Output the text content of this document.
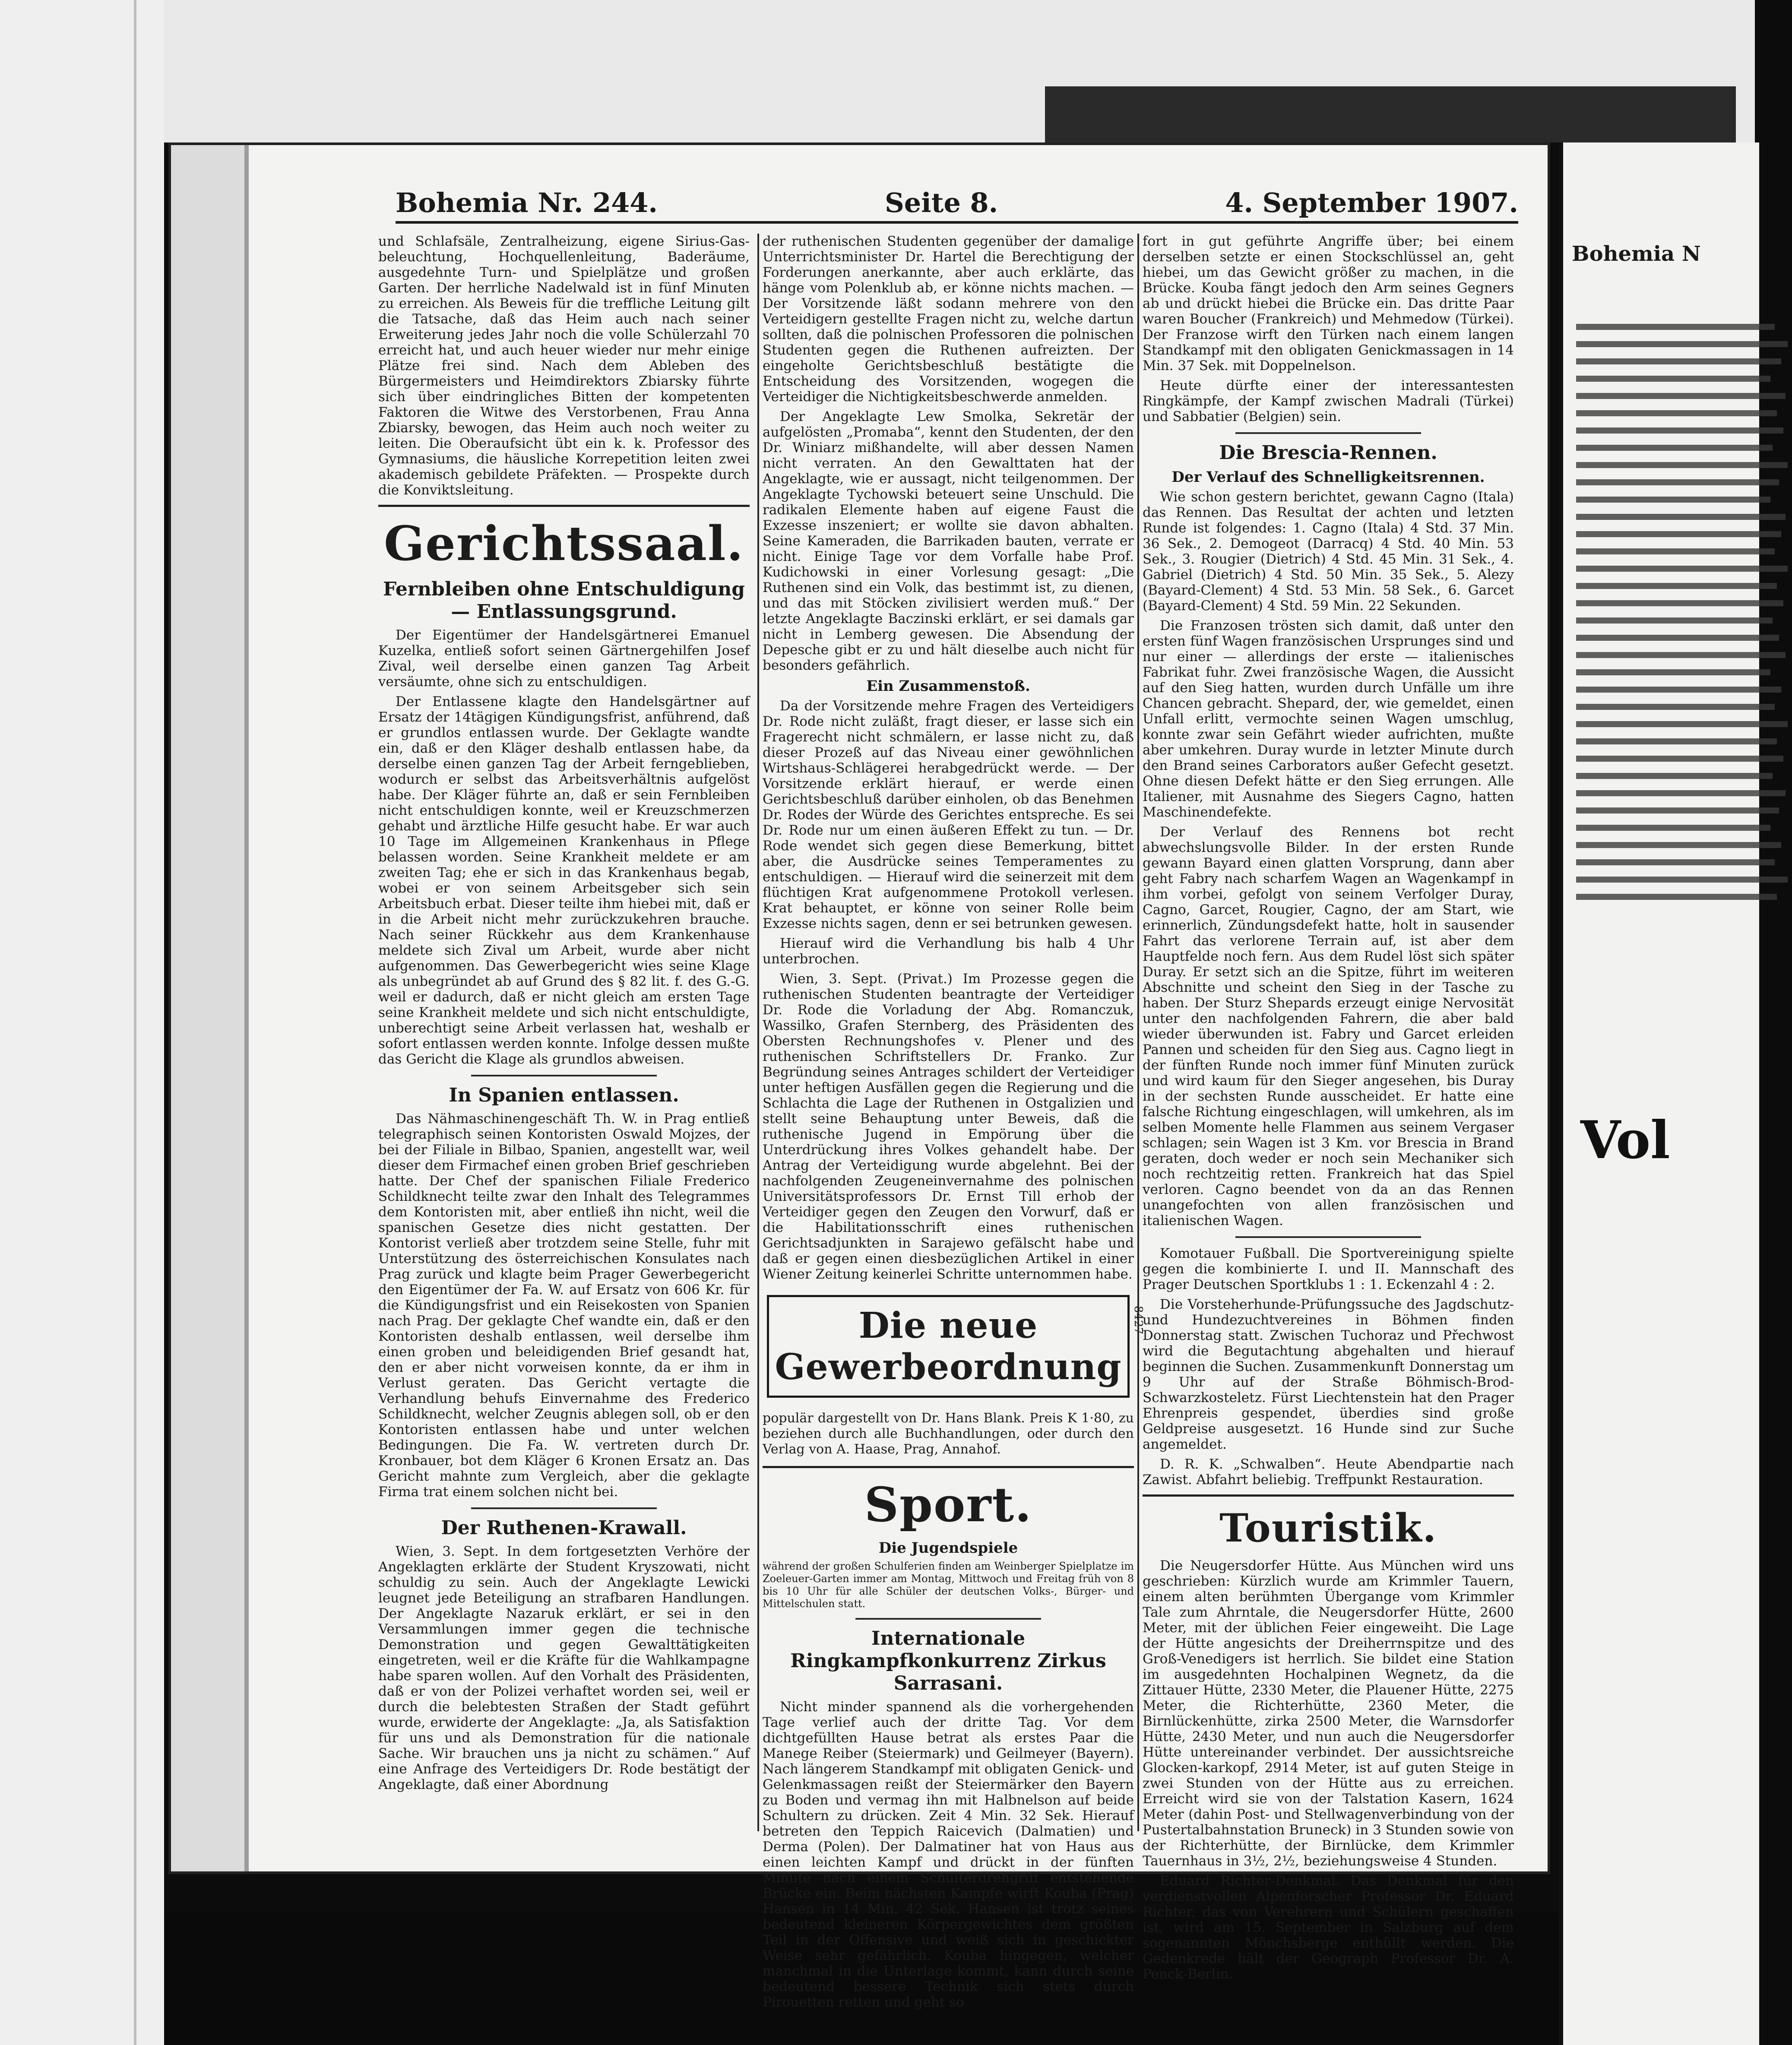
Bohemia Nr. 244.	Seite 8.	4. September 1907.

und Schlafsäle, Zentralheizung, eigene Sirius-Gas-beleuchtung, Hochquellenleitung, Baderäume, ausgedehnte Turn- und Spielplätze und großen Garten. Der herrliche Nadelwald ist in fünf Minuten zu erreichen. Als Beweis für die treffliche Leitung gilt die Tatsache, daß das Heim auch nach seiner Erweiterung jedes Jahr noch die volle Schülerzahl 70 erreicht hat, und auch heuer wieder nur mehr einige Plätze frei sind. Nach dem Ableben des Bürgermeisters und Heimdirektors Zbiarsky führte sich über eindringliches Bitten der kompetenten Faktoren die Witwe des Verstorbenen, Frau Anna Zbiarsky, bewogen, das Heim auch noch weiter zu leiten. Die Oberaufsicht übt ein k. k. Professor des Gymnasiums, die häusliche Korrepetition leiten zwei akademisch gebildete Präfekten. — Prospekte durch die Konviktsleitung.

Gerichtssaal.
Fernbleiben ohne Entschuldigung — Entlassungsgrund.

Der Eigentümer der Handelsgärtnerei Emanuel Kuzelka, entließ sofort seinen Gärtnergehilfen Josef Zival, weil derselbe einen ganzen Tag Arbeit versäumte, ohne sich zu entschuldigen.

Der Entlassene klagte den Handelsgärtner auf Ersatz der 14tägigen Kündigungsfrist, anführend, daß er grundlos entlassen wurde. Der Geklagte wandte ein, daß er den Kläger deshalb entlassen habe, da derselbe einen ganzen Tag der Arbeit ferngeblieben, wodurch er selbst das Arbeitsverhältnis aufgelöst habe. Der Kläger führte an, daß er sein Fernbleiben nicht entschuldigen konnte, weil er Kreuzschmerzen gehabt und ärztliche Hilfe gesucht habe. Er war auch 10 Tage im Allgemeinen Krankenhaus in Pflege belassen worden. Seine Krankheit meldete er am zweiten Tag; ehe er sich in das Krankenhaus begab, wobei er von seinem Arbeitsgeber sich sein Arbeitsbuch erbat. Dieser teilte ihm hiebei mit, daß er in die Arbeit nicht mehr zurückzukehren brauche. Nach seiner Rückkehr aus dem Krankenhause meldete sich Zival um Arbeit, wurde aber nicht aufgenommen. Das Gewerbegericht wies seine Klage als unbegründet ab auf Grund des § 82 lit. f. des G.-G. weil er dadurch, daß er nicht gleich am ersten Tage seine Krankheit meldete und sich nicht entschuldigte, unberechtigt seine Arbeit verlassen hat, weshalb er sofort entlassen werden konnte. Infolge dessen mußte das Gericht die Klage als grundlos abweisen.

In Spanien entlassen.

Das Nähmaschinengeschäft Th. W. in Prag entließ telegraphisch seinen Kontoristen Oswald Mojzes, der bei der Filiale in Bilbao, Spanien, angestellt war, weil dieser dem Firmachef einen groben Brief geschrieben hatte. Der Chef der spanischen Filiale Frederico Schildknecht teilte zwar den Inhalt des Telegrammes dem Kontoristen mit, aber entließ ihn nicht, weil die spanischen Gesetze dies nicht gestatten. Der Kontorist verließ aber trotzdem seine Stelle, fuhr mit Unterstützung des österreichischen Konsulates nach Prag zurück und klagte beim Prager Gewerbegericht den Eigentümer der Fa. W. auf Ersatz von 606 Kr. für die Kündigungsfrist und ein Reisekosten von Spanien nach Prag. Der geklagte Chef wandte ein, daß er den Kontoristen deshalb entlassen, weil derselbe ihm einen groben und beleidigenden Brief gesandt hat, den er aber nicht vorweisen konnte, da er ihm in Verlust geraten. Das Gericht vertagte die Verhandlung behufs Einvernahme des Frederico Schildknecht, welcher Zeugnis ablegen soll, ob er den Kontoristen entlassen habe und unter welchen Bedingungen. Die Fa. W. vertreten durch Dr. Kronbauer, bot dem Kläger 6 Kronen Ersatz an. Das Gericht mahnte zum Vergleich, aber die geklagte Firma trat einem solchen nicht bei.

Der Ruthenen-Krawall.

Wien, 3. Sept. In dem fortgesetzten Verhöre der Angeklagten erklärte der Student Kryszowati, nicht schuldig zu sein. Auch der Angeklagte Lewicki leugnet jede Beteiligung an strafbaren Handlungen. Der Angeklagte Nazaruk erklärt, er sei in den Versammlungen immer gegen die technische Demonstration und gegen Gewalttätigkeiten eingetreten, weil er die Kräfte für die Wahlkampagne habe sparen wollen. Auf den Vorhalt des Präsidenten, daß er von der Polizei verhaftet worden sei, weil er durch die belebtesten Straßen der Stadt geführt wurde, erwiderte der Angeklagte: „Ja, als Satisfaktion für uns und als Demonstration für die nationale Sache. Wir brauchen uns ja nicht zu schämen.“ Auf eine Anfrage des Verteidigers Dr. Rode bestätigt der Angeklagte, daß einer Abordnung

der ruthenischen Studenten gegenüber der damalige Unterrichtsminister Dr. Hartel die Berechtigung der Forderungen anerkannte, aber auch erklärte, das hänge vom Polenklub ab, er könne nichts machen. — Der Vorsitzende läßt sodann mehrere von den Verteidigern gestellte Fragen nicht zu, welche dartun sollten, daß die polnischen Professoren die polnischen Studenten gegen die Ruthenen aufreizten. Der eingeholte Gerichtsbeschluß bestätigte die Entscheidung des Vorsitzenden, wogegen die Verteidiger die Nichtigkeitsbeschwerde anmelden.

Der Angeklagte Lew Smolka, Sekretär der aufgelösten „Promaba“, kennt den Studenten, der den Dr. Winiarz mißhandelte, will aber dessen Namen nicht verraten. An den Gewalttaten hat der Angeklagte, wie er aussagt, nicht teilgenommen. Der Angeklagte Tychowski beteuert seine Unschuld. Die radikalen Elemente haben auf eigene Faust die Exzesse inszeniert; er wollte sie davon abhalten. Seine Kameraden, die Barrikaden bauten, verrate er nicht. Einige Tage vor dem Vorfalle habe Prof. Kudichowski in einer Vorlesung gesagt: „Die Ruthenen sind ein Volk, das bestimmt ist, zu dienen, und das mit Stöcken zivilisiert werden muß.“ Der letzte Angeklagte Baczinski erklärt, er sei damals gar nicht in Lemberg gewesen. Die Absendung der Depesche gibt er zu und hält dieselbe auch nicht für besonders gefährlich.

Ein Zusammenstoß.

Da der Vorsitzende mehre Fragen des Verteidigers Dr. Rode nicht zuläßt, fragt dieser, er lasse sich ein Fragerecht nicht schmälern, er lasse nicht zu, daß dieser Prozeß auf das Niveau einer gewöhnlichen Wirtshaus-Schlägerei herabgedrückt werde. — Der Vorsitzende erklärt hierauf, er werde einen Gerichtsbeschluß darüber einholen, ob das Benehmen Dr. Rodes der Würde des Gerichtes entspreche. Es sei Dr. Rode nur um einen äußeren Effekt zu tun. — Dr. Rode wendet sich gegen diese Bemerkung, bittet aber, die Ausdrücke seines Temperamentes zu entschuldigen. — Hierauf wird die seinerzeit mit dem flüchtigen Krat aufgenommene Protokoll verlesen. Krat behauptet, er könne von seiner Rolle beim Exzesse nichts sagen, denn er sei betrunken gewesen.

Hierauf wird die Verhandlung bis halb 4 Uhr unterbrochen.

Wien, 3. Sept. (Privat.) Im Prozesse gegen die ruthenischen Studenten beantragte der Verteidiger Dr. Rode die Vorladung der Abg. Romanczuk, Wassilko, Grafen Sternberg, des Präsidenten des Obersten Rechnungshofes v. Plener und des ruthenischen Schriftstellers Dr. Franko. Zur Begründung seines Antrages schildert der Verteidiger unter heftigen Ausfällen gegen die Regierung und die Schlachta die Lage der Ruthenen in Ostgalizien und stellt seine Behauptung unter Beweis, daß die ruthenische Jugend in Empörung über die Unterdrückung ihres Volkes gehandelt habe. Der Antrag der Verteidigung wurde abgelehnt. Bei der nachfolgenden Zeugeneinvernahme des polnischen Universitätsprofessors Dr. Ernst Till erhob der Verteidiger gegen den Zeugen den Vorwurf, daß er die Habilitationsschrift eines ruthenischen Gerichtsadjunkten in Sarajewo gefälscht habe und daß er gegen einen diesbezüglichen Artikel in einer Wiener Zeitung keinerlei Schritte unternommen habe.

Die neue Gewerbeordnung
8427

populär dargestellt von Dr. Hans Blank. Preis K 1·80, zu beziehen durch alle Buchhandlungen, oder durch den Verlag von A. Haase, Prag, Annahof.

Sport.
Die Jugendspiele

während der großen Schulferien finden am Weinberger Spielplatze im Zoeleuer-Garten immer am Montag, Mittwoch und Freitag früh von 8 bis 10 Uhr für alle Schüler der deutschen Volks-, Bürger- und Mittelschulen statt.

Internationale Ringkampfkonkurrenz Zirkus Sarrasani.

Nicht minder spannend als die vorhergehenden Tage verlief auch der dritte Tag. Vor dem dichtgefüllten Hause betrat als erstes Paar die Manege Reiber (Steiermark) und Geilmeyer (Bayern). Nach längerem Standkampf mit obligaten Genick- und Gelenkmassagen reißt der Steiermärker den Bayern zu Boden und vermag ihn mit Halbnelson auf beide Schultern zu drücken. Zeit 4 Min. 32 Sek. Hierauf betreten den Teppich Raicevich (Dalmatien) und Derma (Polen). Der Dalmatiner hat von Haus aus einen leichten Kampf und drückt in der fünften Minute nach einem Schulterdrehgriff entstehende Brücke ein. Beim nächsten Kampfe wirft Kouba (Prag) Hansen in 14 Min. 42 Sek. Hansen ist trotz seines bedeutend kleineren Körpergewichtes dem größten Teil in der Offensive und weiß sich in geschickter Weise sehr gefährlich. Kouba hingegen, welcher manchmal in die Unterlage kommt, kann durch seine bedeutend bessere Technik sich stets durch Pirouetten retten und geht so

fort in gut geführte Angriffe über; bei einem derselben setzte er einen Stockschlüssel an, geht hiebei, um das Gewicht größer zu machen, in die Brücke. Kouba fängt jedoch den Arm seines Gegners ab und drückt hiebei die Brücke ein. Das dritte Paar waren Boucher (Frankreich) und Mehmedow (Türkei). Der Franzose wirft den Türken nach einem langen Standkampf mit den obligaten Genickmassagen in 14 Min. 37 Sek. mit Doppelnelson.

Heute dürfte einer der interessantesten Ringkämpfe, der Kampf zwischen Madrali (Türkei) und Sabbatier (Belgien) sein.

Die Brescia-Rennen.
Der Verlauf des Schnelligkeitsrennen.

Wie schon gestern berichtet, gewann Cagno (Itala) das Rennen. Das Resultat der achten und letzten Runde ist folgendes: 1. Cagno (Itala) 4 Std. 37 Min. 36 Sek., 2. Demogeot (Darracq) 4 Std. 40 Min. 53 Sek., 3. Rougier (Dietrich) 4 Std. 45 Min. 31 Sek., 4. Gabriel (Dietrich) 4 Std. 50 Min. 35 Sek., 5. Alezy (Bayard-Clement) 4 Std. 53 Min. 58 Sek., 6. Garcet (Bayard-Clement) 4 Std. 59 Min. 22 Sekunden.

Die Franzosen trösten sich damit, daß unter den ersten fünf Wagen französischen Ursprunges sind und nur einer — allerdings der erste — italienisches Fabrikat fuhr. Zwei französische Wagen, die Aussicht auf den Sieg hatten, wurden durch Unfälle um ihre Chancen gebracht. Shepard, der, wie gemeldet, einen Unfall erlitt, vermochte seinen Wagen umschlug, konnte zwar sein Gefährt wieder aufrichten, mußte aber umkehren. Duray wurde in letzter Minute durch den Brand seines Carborators außer Gefecht gesetzt. Ohne diesen Defekt hätte er den Sieg errungen. Alle Italiener, mit Ausnahme des Siegers Cagno, hatten Maschinendefekte.

Der Verlauf des Rennens bot recht abwechslungsvolle Bilder. In der ersten Runde gewann Bayard einen glatten Vorsprung, dann aber geht Fabry nach scharfem Wagen an Wagenkampf in ihm vorbei, gefolgt von seinem Verfolger Duray, Cagno, Garcet, Rougier, Cagno, der am Start, wie erinnerlich, Zündungsdefekt hatte, holt in sausender Fahrt das verlorene Terrain auf, ist aber dem Hauptfelde noch fern. Aus dem Rudel löst sich später Duray. Er setzt sich an die Spitze, führt im weiteren Abschnitte und scheint den Sieg in der Tasche zu haben. Der Sturz Shepards erzeugt einige Nervosität unter den nachfolgenden Fahrern, die aber bald wieder überwunden ist. Fabry und Garcet erleiden Pannen und scheiden für den Sieg aus. Cagno liegt in der fünften Runde noch immer fünf Minuten zurück und wird kaum für den Sieger angesehen, bis Duray in der sechsten Runde ausscheidet. Er hatte eine falsche Richtung eingeschlagen, will umkehren, als im selben Momente helle Flammen aus seinem Vergaser schlagen; sein Wagen ist 3 Km. vor Brescia in Brand geraten, doch weder er noch sein Mechaniker sich noch rechtzeitig retten. Frankreich hat das Spiel verloren. Cagno beendet von da an das Rennen unangefochten von allen französischen und italienischen Wagen.

Komotauer Fußball. Die Sportvereinigung spielte gegen die kombinierte I. und II. Mannschaft des Prager Deutschen Sportklubs 1 : 1. Eckenzahl 4 : 2.

Die Vorsteherhunde-Prüfungssuche des Jagdschutz- und Hundezuchtvereines in Böhmen finden Donnerstag statt. Zwischen Tuchoraz und Přechwost wird die Begutachtung abgehalten und hierauf beginnen die Suchen. Zusammenkunft Donnerstag um 9 Uhr auf der Straße Böhmisch-Brod-Schwarzkosteletz. Fürst Liechtenstein hat den Prager Ehrenpreis gespendet, überdies sind große Geldpreise ausgesetzt. 16 Hunde sind zur Suche angemeldet.

D. R. K. „Schwalben“. Heute Abendpartie nach Zawist. Abfahrt beliebig. Treffpunkt Restauration.

Touristik.

Die Neugersdorfer Hütte. Aus München wird uns geschrieben: Kürzlich wurde am Krimmler Tauern, einem alten berühmten Übergange vom Krimmler Tale zum Ahrntale, die Neugersdorfer Hütte, 2600 Meter, mit der üblichen Feier eingeweiht. Die Lage der Hütte angesichts der Dreiherrnspitze und des Groß-Venedigers ist herrlich. Sie bildet eine Station im ausgedehnten Hochalpinen Wegnetz, da die Zittauer Hütte, 2330 Meter, die Plauener Hütte, 2275 Meter, die Richterhütte, 2360 Meter, die Birnlückenhütte, zirka 2500 Meter, die Warnsdorfer Hütte, 2430 Meter, und nun auch die Neugersdorfer Hütte untereinander verbindet. Der aussichtsreiche Glocken-karkopf, 2914 Meter, ist auf guten Steige in zwei Stunden von der Hütte aus zu erreichen. Erreicht wird sie von der Talstation Kasern, 1624 Meter (dahin Post- und Stellwagenverbindung von der Pustertalbahnstation Bruneck) in 3 Stunden sowie von der Richterhütte, der Birnlücke, dem Krimmler Tauernhaus in 3½, 2½, beziehungsweise 4 Stunden.

Eduard Richter-Denkmal. Das Denkmal für den verdienstvollen Alpenforscher Professor Dr. Eduard Richter, das von Verehrern und Schülern geschaffen ist, wird am 15. September in Salzburg auf dem sogenannten Mönchsberge enthüllt werden. Die Gedenkrede hält der Geograph Professor Dr. A. Penck-Berlin.

Bohemia N
Vol
